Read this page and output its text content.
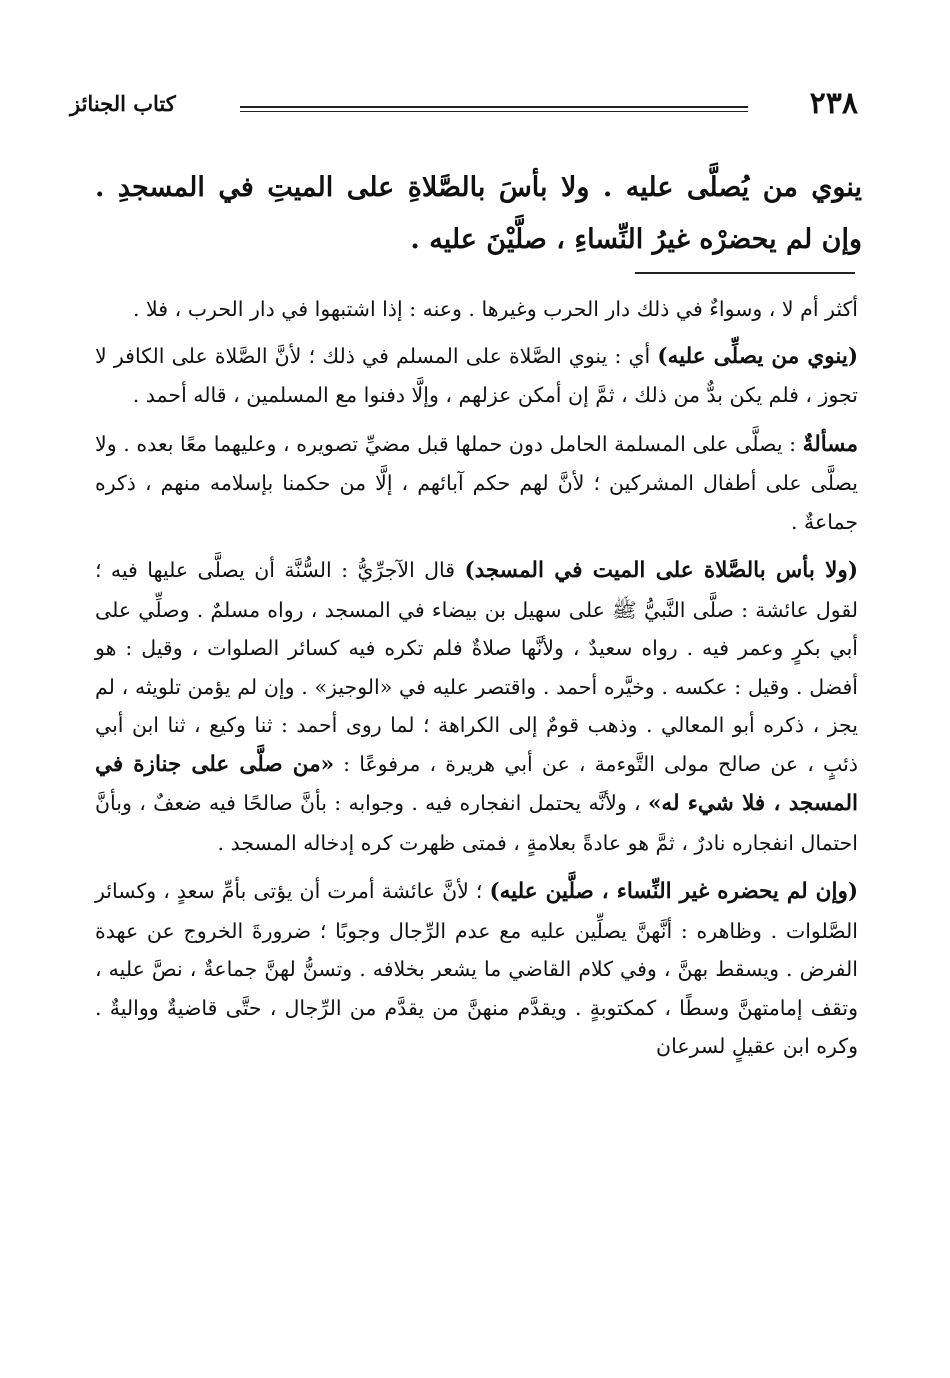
٢٣٨
كتاب الجنائز
ينوي من يُصلَّى عليه . ولا بأسَ بالصَّلاةِ على الميتِ في المسجدِ . وإن لم يحضرْه غيرُ النِّساءِ ، صلَّيْنَ عليه .

أكثر أم لا ، وسواءٌ في ذلك دار الحرب وغيرها . وعنه : إذا اشتبهوا في دار الحرب ، فلا .

(ينوي من يصلِّى عليه) أي : ينوي الصَّلاة على المسلم في ذلك ؛ لأنَّ الصَّلاة على الكافر لا تجوز ، فلم يكن بدٌّ من ذلك ، ثمَّ إن أمكن عزلهم ، وإلَّا دفنوا مع المسلمين ، قاله أحمد .

مسألةٌ : يصلَّى على المسلمة الحامل دون حملها قبل مضيِّ تصويره ، وعليهما معًا بعده . ولا يصلَّى على أطفال المشركين ؛ لأنَّ لهم حكم آبائهم ، إلَّا من حكمنا بإسلامه منهم ، ذكره جماعةٌ .

(ولا بأس بالصَّلاة على الميت في المسجد) قال الآجرِّيُّ : السُّنَّة أن يصلَّى عليها فيه ؛ لقول عائشة : صلَّى النَّبيُّ ﷺ على سهيل بن بيضاء في المسجد ، رواه مسلمٌ . وصلِّي على أبي بكرٍ وعمر فيه . رواه سعيدٌ ، ولأنَّها صلاةٌ فلم تكره فيه كسائر الصلوات ، وقيل : هو أفضل . وقيل : عكسه . وخيَّره أحمد . واقتصر عليه في «الوجيز» . وإن لم يؤمن تلويثه ، لم يجز ، ذكره أبو المعالي . وذهب قومٌ إلى الكراهة ؛ لما روى أحمد : ثنا وكيع ، ثنا ابن أبي ذئبٍ ، عن صالح مولى التَّوءمة ، عن أبي هريرة ، مرفوعًا : «من صلَّى على جنازة في المسجد ، فلا شيء له» ، ولأنَّه يحتمل انفجاره فيه . وجوابه : بأنَّ صالحًا فيه ضعفٌ ، وبأنَّ احتمال انفجاره نادرٌ ، ثمَّ هو عادةً بعلامةٍ ، فمتى ظهرت كره إدخاله المسجد .

(وإن لم يحضره غير النِّساء ، صلَّين عليه) ؛ لأنَّ عائشة أمرت أن يؤتى بأمِّ سعدٍ ، وكسائر الصَّلوات . وظاهره : أنَّهنَّ يصلِّين عليه مع عدم الرِّجال وجوبًا ؛ ضرورةَ الخروج عن عهدة الفرض . ويسقط بهنَّ ، وفي كلام القاضي ما يشعر بخلافه . وتسنُّ لهنَّ جماعةٌ ، نصَّ عليه ، وتقف إمامتهنَّ وسطًا ، كمكتوبةٍ . ويقدَّم منهنَّ من يقدَّم من الرِّجال ، حتَّى قاضيةٌ وواليةٌ . وكره ابن عقيلٍ لسرعان
